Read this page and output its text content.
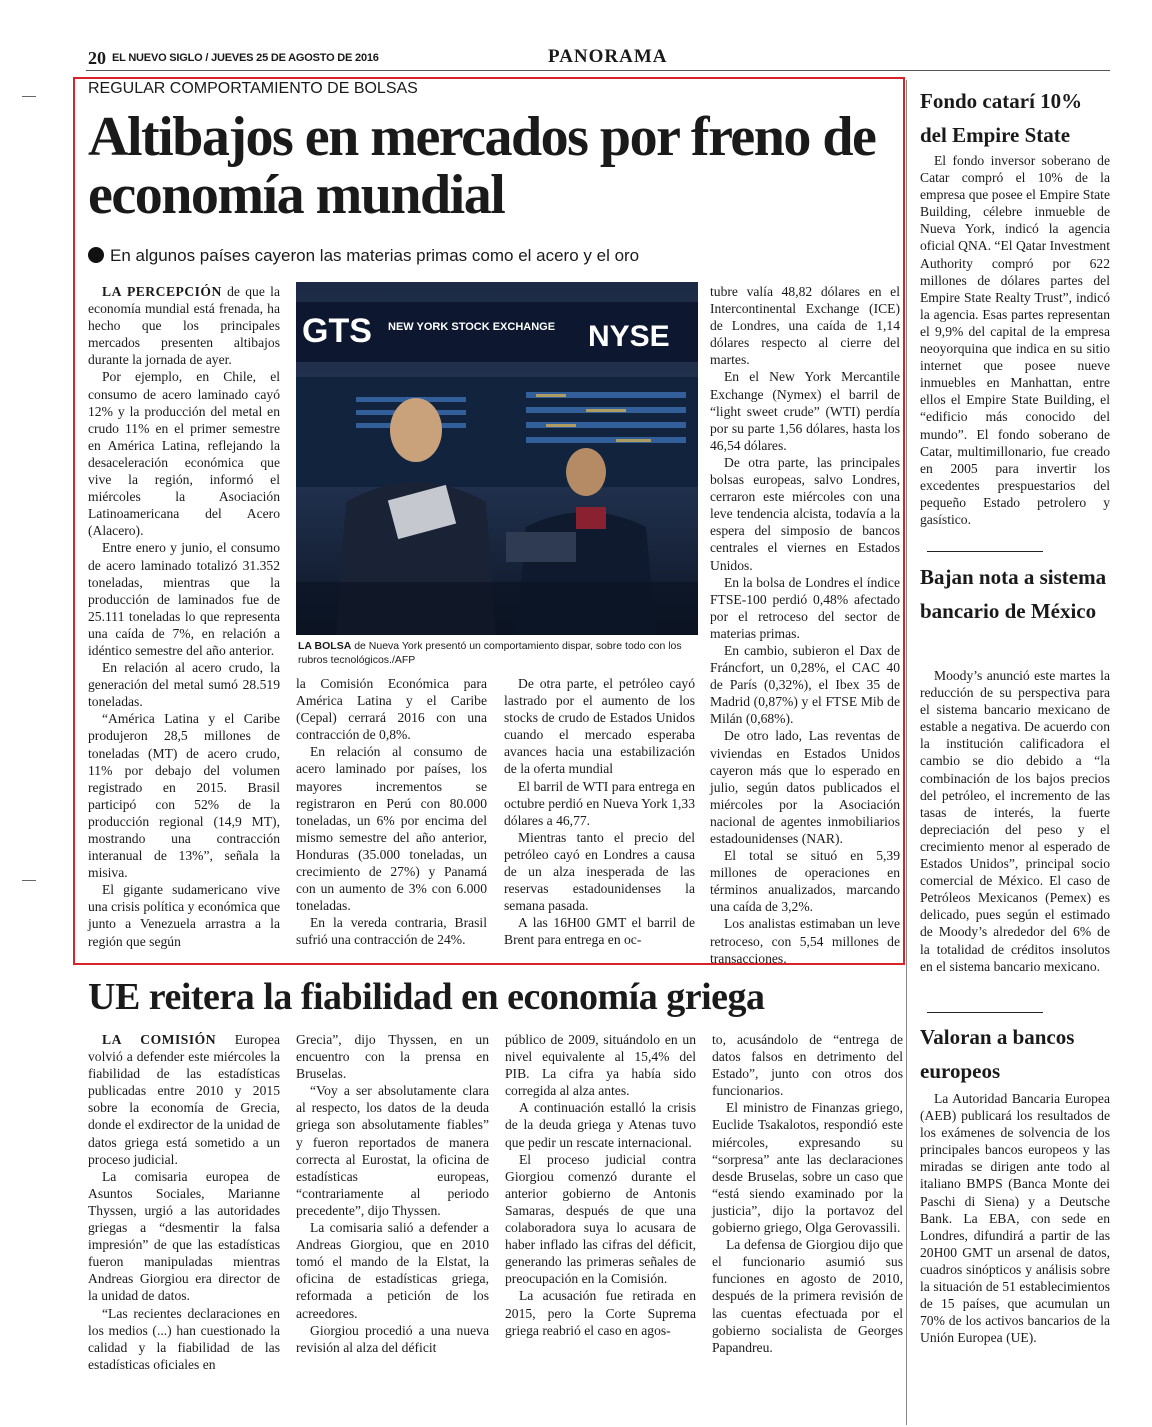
20 EL NUEVO SIGLO / JUEVES 25 DE AGOSTO DE 2016	PANORAMA
REGULAR COMPORTAMIENTO DE BOLSAS
Altibajos en mercados por freno de economía mundial
En algunos países cayeron las materias primas como el acero y el oro

LA PERCEPCIÓN de que la economía mundial está frenada, ha hecho que los principales mercados presenten altibajos durante la jornada de ayer.

Por ejemplo, en Chile, el consumo de acero laminado cayó 12% y la producción del metal en crudo 11% en el primer semestre en América Latina, reflejando la desaceleración económica que vive la región, informó el miércoles la Asociación Latinoamericana del Acero (Alacero).

Entre enero y junio, el consumo de acero laminado totalizó 31.352 toneladas, mientras que la producción de laminados fue de 25.111 toneladas lo que representa una caída de 7%, en relación a idéntico semestre del año anterior.

En relación al acero crudo, la generación del metal sumó 28.519 toneladas.

“América Latina y el Caribe produjeron 28,5 millones de toneladas (MT) de acero crudo, 11% por debajo del volumen registrado en 2015. Brasil participó con 52% de la producción regional (14,9 MT), mostrando una contracción interanual de 13%”, señala la misiva.

El gigante sudamericano vive una crisis política y económica que junto a Venezuela arrastra a la región que según

GTS NEW YORK STOCK EXCHANGE NYSE
LA BOLSA de Nueva York presentó un comportamiento dispar, sobre todo con los rubros tecnológicos./AFP

la Comisión Económica para América Latina y el Caribe (Cepal) cerrará 2016 con una contracción de 0,8%.

En relación al consumo de acero laminado por países, los mayores incrementos se registraron en Perú con 80.000 toneladas, un 6% por encima del mismo semestre del año anterior, Honduras (35.000 toneladas, un crecimiento de 27%) y Panamá con un aumento de 3% con 6.000 toneladas.

En la vereda contraria, Brasil sufrió una contracción de 24%.

De otra parte, el petróleo cayó lastrado por el aumento de los stocks de crudo de Estados Unidos cuando el mercado esperaba avances hacia una estabilización de la oferta mundial

El barril de WTI para entrega en octubre perdió en Nueva York 1,33 dólares a 46,77.

Mientras tanto el precio del petróleo cayó en Londres a causa de un alza inesperada de las reservas estadounidenses la semana pasada.

A las 16H00 GMT el barril de Brent para entrega en oc-

tubre valía 48,82 dólares en el Intercontinental Exchange (ICE) de Londres, una caída de 1,14 dólares respecto al cierre del martes.

En el New York Mercantile Exchange (Nymex) el barril de “light sweet crude” (WTI) perdía por su parte 1,56 dólares, hasta los 46,54 dólares.

De otra parte, las principales bolsas europeas, salvo Londres, cerraron este miércoles con una leve tendencia alcista, todavía a la espera del simposio de bancos centrales el viernes en Estados Unidos.

En la bolsa de Londres el índice FTSE-100 perdió 0,48% afectado por el retroceso del sector de materias primas.

En cambio, subieron el Dax de Fráncfort, un 0,28%, el CAC 40 de París (0,32%), el Ibex 35 de Madrid (0,87%) y el FTSE Mib de Milán (0,68%).

De otro lado, Las reventas de viviendas en Estados Unidos cayeron más que lo esperado en julio, según datos publicados el miércoles por la Asociación nacional de agentes inmobiliarios estadounidenses (NAR).

El total se situó en 5,39 millones de operaciones en términos anualizados, marcando una caída de 3,2%.

Los analistas estimaban un leve retroceso, con 5,54 millones de transacciones.

UE reitera la fiabilidad en economía griega

LA COMISIÓN Europea volvió a defender este miércoles la fiabilidad de las estadísticas publicadas entre 2010 y 2015 sobre la economía de Grecia, donde el exdirector de la unidad de datos griega está sometido a un proceso judicial.

La comisaria europea de Asuntos Sociales, Marianne Thyssen, urgió a las autoridades griegas a “desmentir la falsa impresión” de que las estadísticas fueron manipuladas mientras Andreas Giorgiou era director de la unidad de datos.

“Las recientes declaraciones en los medios (...) han cuestionado la calidad y la fiabilidad de las estadísticas oficiales en

Grecia”, dijo Thyssen, en un encuentro con la prensa en Bruselas.

“Voy a ser absolutamente clara al respecto, los datos de la deuda griega son absolutamente fiables” y fueron reportados de manera correcta al Eurostat, la oficina de estadísticas europeas, “contrariamente al periodo precedente”, dijo Thyssen.

La comisaria salió a defender a Andreas Giorgiou, que en 2010 tomó el mando de la Elstat, la oficina de estadísticas griega, reformada a petición de los acreedores.

Giorgiou procedió a una nueva revisión al alza del déficit

público de 2009, situándolo en un nivel equivalente al 15,4% del PIB. La cifra ya había sido corregida al alza antes.

A continuación estalló la crisis de la deuda griega y Atenas tuvo que pedir un rescate internacional.

El proceso judicial contra Giorgiou comenzó durante el anterior gobierno de Antonis Samaras, después de que una colaboradora suya lo acusara de haber inflado las cifras del déficit, generando las primeras señales de preocupación en la Comisión.

La acusación fue retirada en 2015, pero la Corte Suprema griega reabrió el caso en agos-

to, acusándolo de “entrega de datos falsos en detrimento del Estado”, junto con otros dos funcionarios.

El ministro de Finanzas griego, Euclide Tsakalotos, respondió este miércoles, expresando su “sorpresa” ante las declaraciones desde Bruselas, sobre un caso que “está siendo examinado por la justicia”, dijo la portavoz del gobierno griego, Olga Gerovassili.

La defensa de Giorgiou dijo que el funcionario asumió sus funciones en agosto de 2010, después de la primera revisión de las cuentas efectuada por el gobierno socialista de Georges Papandreu.

Fondo catarí 10% del Empire State

El fondo inversor soberano de Catar compró el 10% de la empresa que posee el Empire State Building, célebre inmueble de Nueva York, indicó la agencia oficial QNA. “El Qatar Investment Authority compró por 622 millones de dólares partes del Empire State Realty Trust”, indicó la agencia. Esas partes representan el 9,9% del capital de la empresa neoyorquina que indica en su sitio internet que posee nueve inmuebles en Manhattan, entre ellos el Empire State Building, el “edificio más conocido del mundo”. El fondo soberano de Catar, multimillonario, fue creado en 2005 para invertir los excedentes prespuestarios del pequeño Estado petrolero y gasístico.

Bajan nota a sistema bancario de México

Moody’s anunció este martes la reducción de su perspectiva para el sistema bancario mexicano de estable a negativa. De acuerdo con la institución calificadora el cambio se dio debido a “la combinación de los bajos precios del petróleo, el incremento de las tasas de interés, la fuerte depreciación del peso y el crecimiento menor al esperado de Estados Unidos”, principal socio comercial de México. El caso de Petróleos Mexicanos (Pemex) es delicado, pues según el estimado de Moody’s alrededor del 6% de la totalidad de créditos insolutos en el sistema bancario mexicano.

Valoran a bancos europeos

La Autoridad Bancaria Europea (AEB) publicará los resultados de los exámenes de solvencia de los principales bancos europeos y las miradas se dirigen ante todo al italiano BMPS (Banca Monte dei Paschi di Siena) y a Deutsche Bank. La EBA, con sede en Londres, difundirá a partir de las 20H00 GMT un arsenal de datos, cuadros sinópticos y análisis sobre la situación de 51 establecimientos de 15 países, que acumulan un 70% de los activos bancarios de la Unión Europea (UE).
